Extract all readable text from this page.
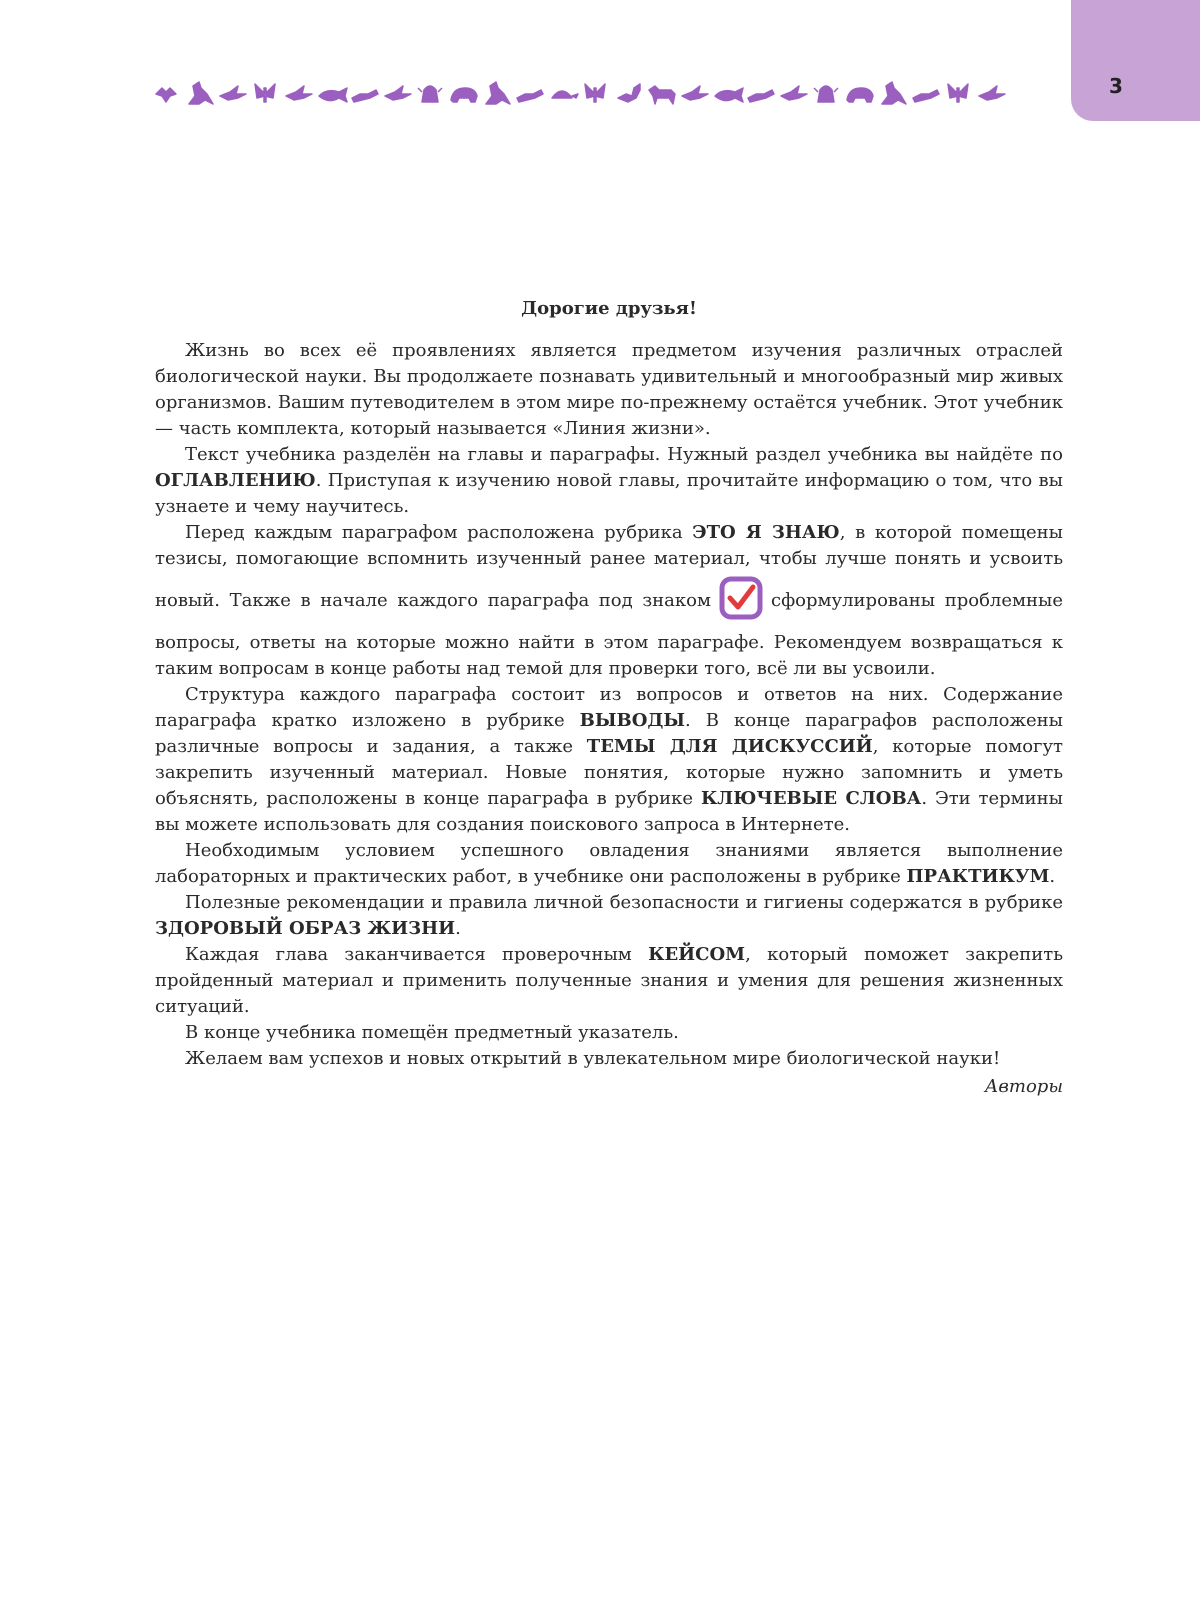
3
Дорогие друзья!

Жизнь во всех её проявлениях является предметом изучения различных отраслей биологической науки. Вы продолжаете познавать удивительный и многообразный мир живых организмов. Вашим путеводителем в этом мире по-прежнему остаётся учебник. Этот учебник — часть комплекта, который называется «Линия жизни».

Текст учебника разделён на главы и параграфы. Нужный раздел учебника вы найдёте по ОГЛАВЛЕНИЮ. Приступая к изучению новой главы, прочитайте информацию о том, что вы узнаете и чему научитесь.

Перед каждым параграфом расположена рубрика ЭТО Я ЗНАЮ, в которой помещены тезисы, помогающие вспомнить изученный ранее материал, чтобы лучше понять и усвоить новый. Также в начале каждого параграфа под знаком	сформулированы проблемные вопросы, ответы на которые можно найти в этом параграфе. Рекомендуем возвращаться к таким вопросам в конце работы над темой для проверки того, всё ли вы усвоили.

Структура каждого параграфа состоит из вопросов и ответов на них. Содержание параграфа кратко изложено в рубрике ВЫВОДЫ. В конце параграфов расположены различные вопросы и задания, а также ТЕМЫ ДЛЯ ДИСКУССИЙ, которые помогут закрепить изученный материал. Новые понятия, которые нужно запомнить и уметь объяснять, расположены в конце параграфа в рубрике КЛЮЧЕВЫЕ СЛОВА. Эти термины вы можете использовать для создания поискового запроса в Интернете.

Необходимым условием успешного овладения знаниями является выполнение лабораторных и практических работ, в учебнике они расположены в рубрике ПРАКТИКУМ.

Полезные рекомендации и правила личной безопасности и гигиены содержатся в рубрике ЗДОРОВЫЙ ОБРАЗ ЖИЗНИ.

Каждая глава заканчивается проверочным КЕЙСОМ, который поможет закрепить пройденный материал и применить полученные знания и умения для решения жизненных ситуаций.

В конце учебника помещён предметный указатель.

Желаем вам успехов и новых открытий в увлекательном мире биологической науки!

Авторы
